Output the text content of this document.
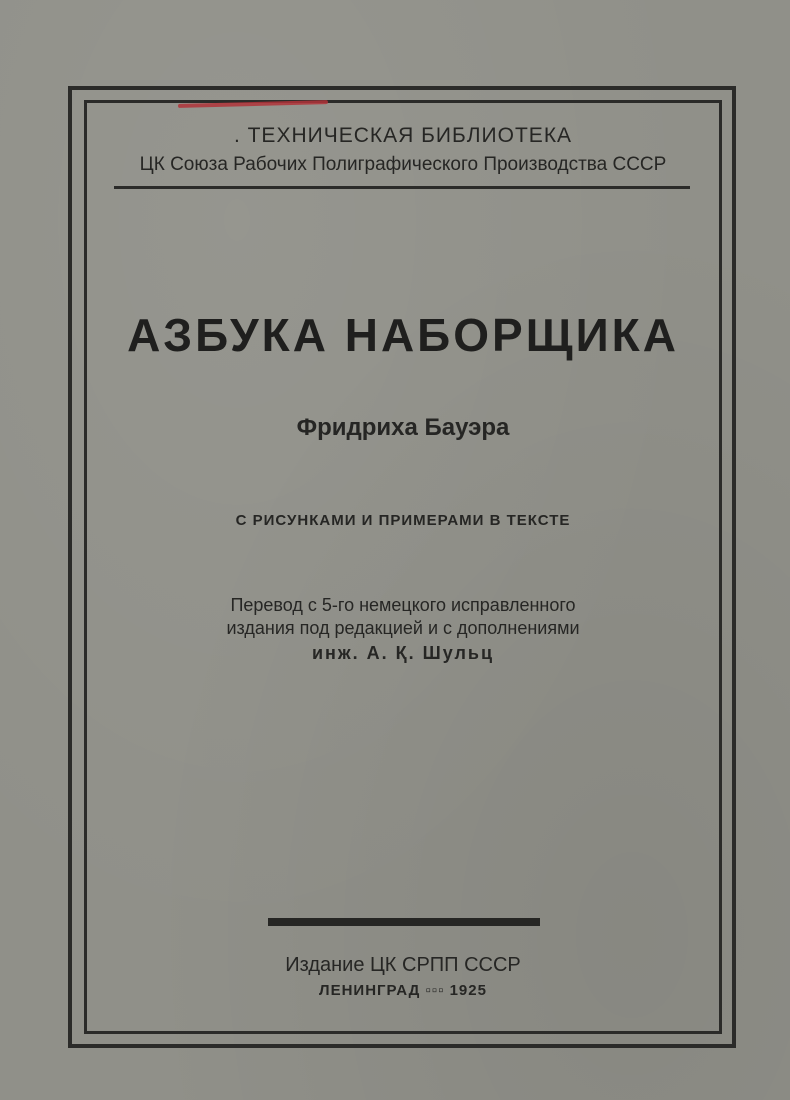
. ТЕХНИЧЕСКАЯ БИБЛИОТЕКА
ЦК Союза Рабочих Полиграфического Производства СССР
АЗБУКА НАБОРЩИКА
Фридриха Бауэра
С РИСУНКАМИ И ПРИМЕРАМИ В ТЕКСТЕ
Перевод с 5-го немецкого исправленного
издания под редакцией и с дополнениями
инж. А. Қ. Шульц
Издание ЦК СРПП СССР
ЛЕНИНГРАД ▫▫▫ 1925
